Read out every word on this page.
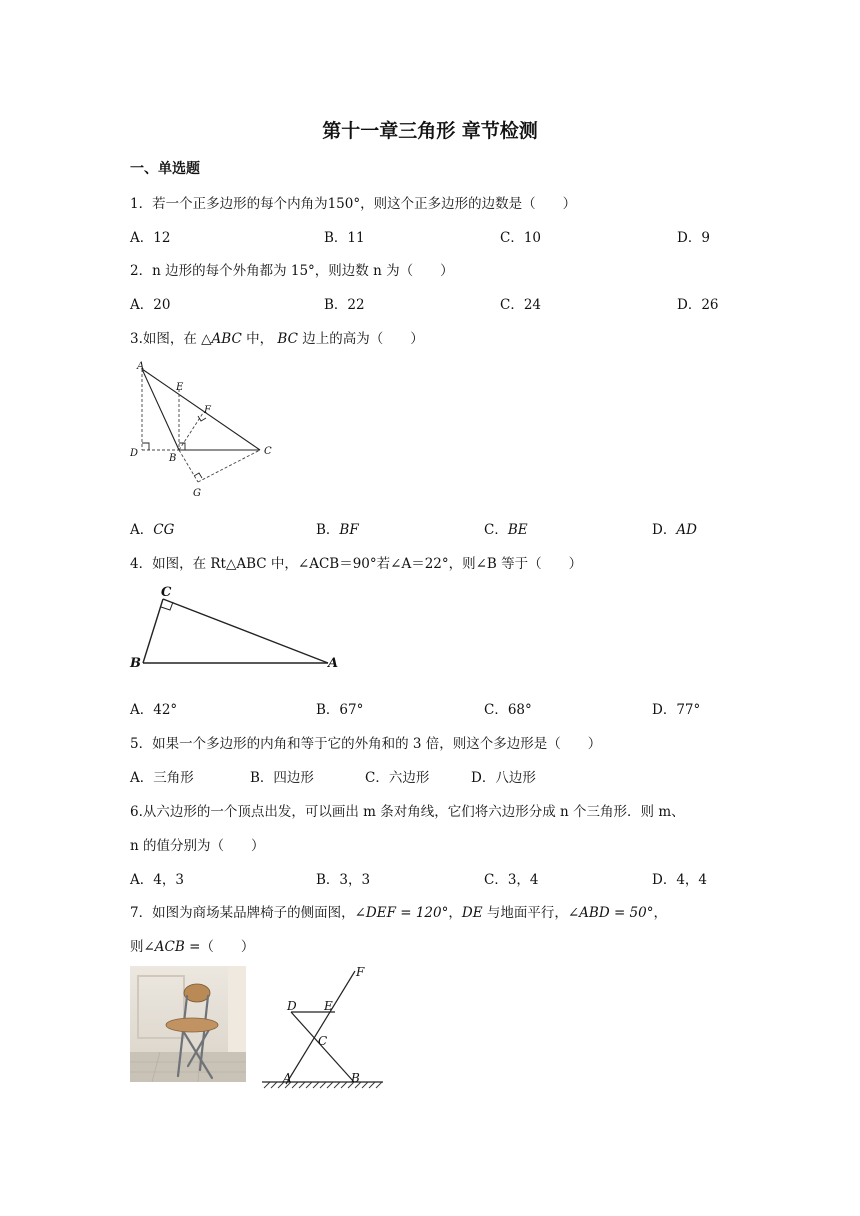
第十一章三角形 章节检测
一、单选题
1．若一个正多边形的每个内角为150°，则这个正多边形的边数是（　　）
A．12	B．11	C．10	D．9
2．n 边形的每个外角都为 15°，则边数 n 为（　　）
A．20	B．22	C．24	D．26
3.如图，在 △ABC 中， BC 边上的高为（　　）
A
D	B
C
E
F
G
A．CG	B．BF	C．BE	D．AD
4．如图，在 Rt△ABC 中，∠ACB＝90°若∠A＝22°，则∠B 等于（　　）
C
B	A
A．42°	B．67°	C．68°	D．77°
5．如果一个多边形的内角和等于它的外角和的 3 倍，则这个多边形是（　　）
A．三角形	B．四边形	C．六边形	D．八边形
6.从六边形的一个顶点出发，可以画出 m 条对角线，它们将六边形分成 n 个三角形．则 m、
n 的值分别为（　　）
A．4，3	B．3，3	C．3，4	D．4，4
7．如图为商场某品牌椅子的侧面图，∠DEF = 120°，DE 与地面平行，∠ABD = 50°，
则∠ACB =（　　）
F
D E
C
A	B
